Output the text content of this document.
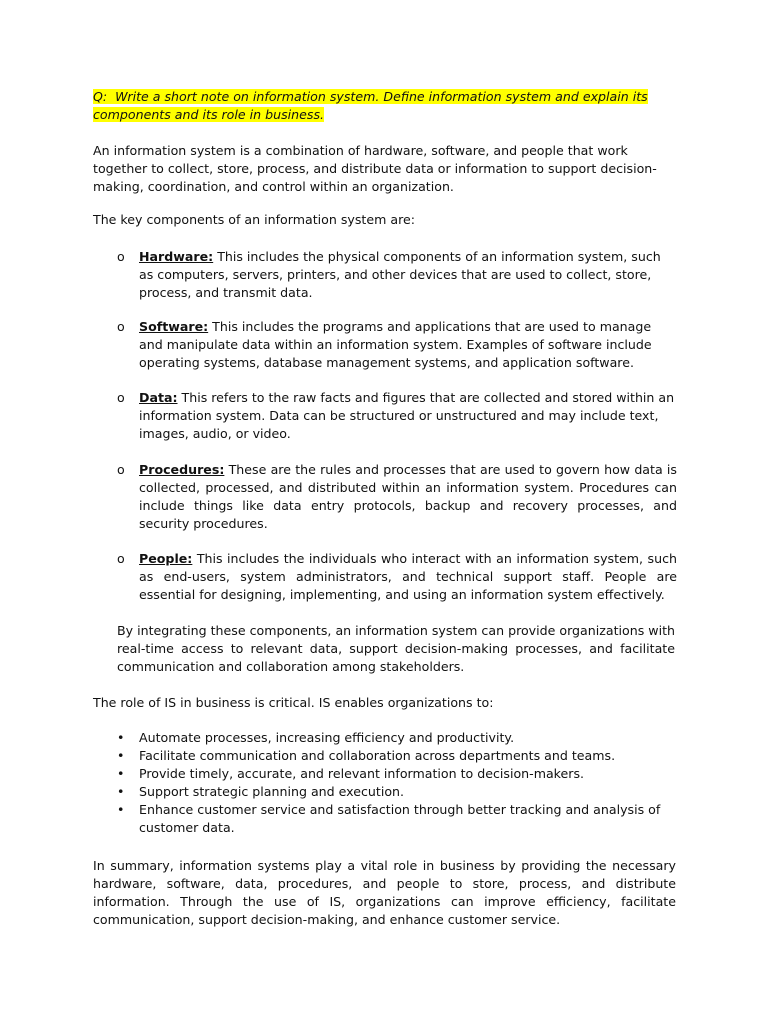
Q: Write a short note on information system. Define information system and explain its components and its role in business.

An information system is a combination of hardware, software, and people that work together to collect, store, process, and distribute data or information to support decision-making, coordination, and control within an organization.

The key components of an information system are:

o	Hardware: This includes the physical components of an information system, such as computers, servers, printers, and other devices that are used to collect, store, process, and transmit data.
o	Software: This includes the programs and applications that are used to manage and manipulate data within an information system. Examples of software include operating systems, database management systems, and application software.
o	Data: This refers to the raw facts and figures that are collected and stored within an information system. Data can be structured or unstructured and may include text, images, audio, or video.
o	Procedures: These are the rules and processes that are used to govern how data is collected, processed, and distributed within an information system. Procedures can include things like data entry protocols, backup and recovery processes, and security procedures.
o	People: This includes the individuals who interact with an information system, such as end-users, system administrators, and technical support staff. People are essential for designing, implementing, and using an information system effectively.

By integrating these components, an information system can provide organizations with real-time access to relevant data, support decision-making processes, and facilitate communication and collaboration among stakeholders.

The role of IS in business is critical. IS enables organizations to:

• Automate processes, increasing efficiency and productivity.
• Facilitate communication and collaboration across departments and teams.
• Provide timely, accurate, and relevant information to decision-makers.
• Support strategic planning and execution.
• Enhance customer service and satisfaction through better tracking and analysis of customer data.

In summary, information systems play a vital role in business by providing the necessary hardware, software, data, procedures, and people to store, process, and distribute information. Through the use of IS, organizations can improve efficiency, facilitate communication, support decision-making, and enhance customer service.
